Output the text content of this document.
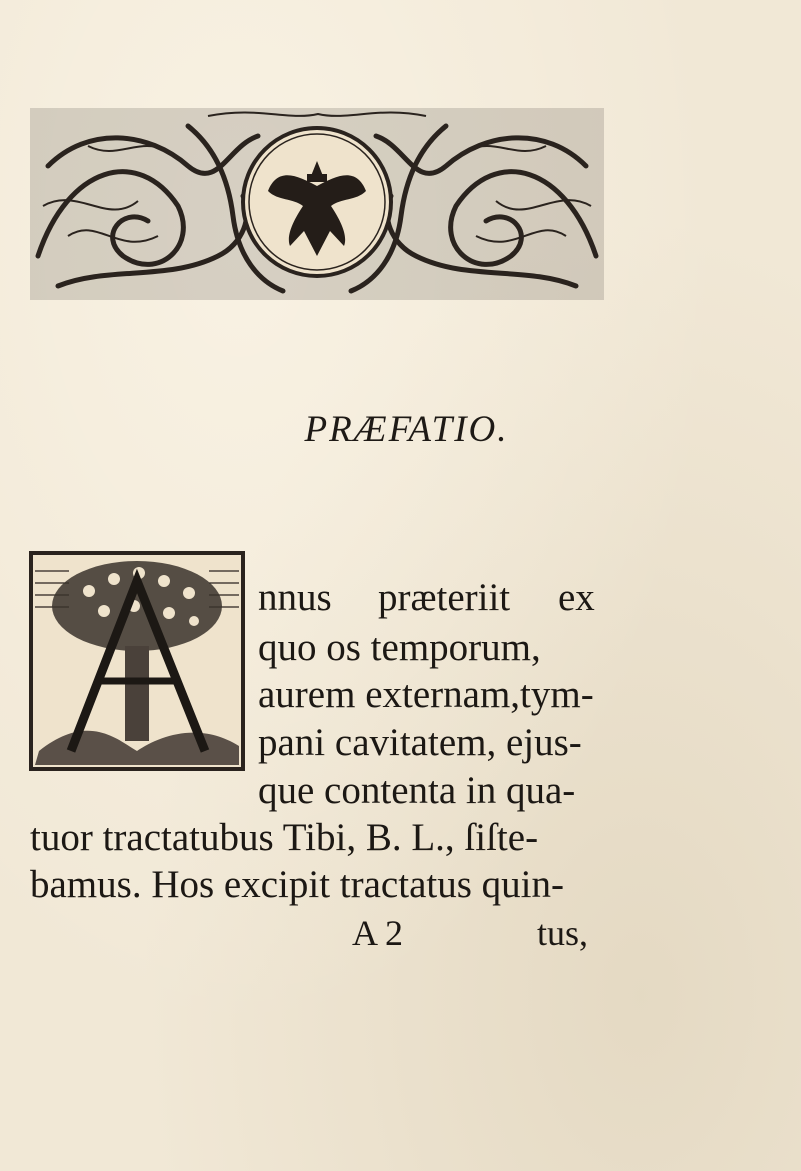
PRÆFATIO.
nnus præteriit ex
quo os temporum,
aurem externam,tym-
pani cavitatem, ejus-
que contenta in qua-
tuor tractatubus Tibi, B. L., ſiſte-
bamus. Hos excipit tractatus quin-
A 2	tus,
